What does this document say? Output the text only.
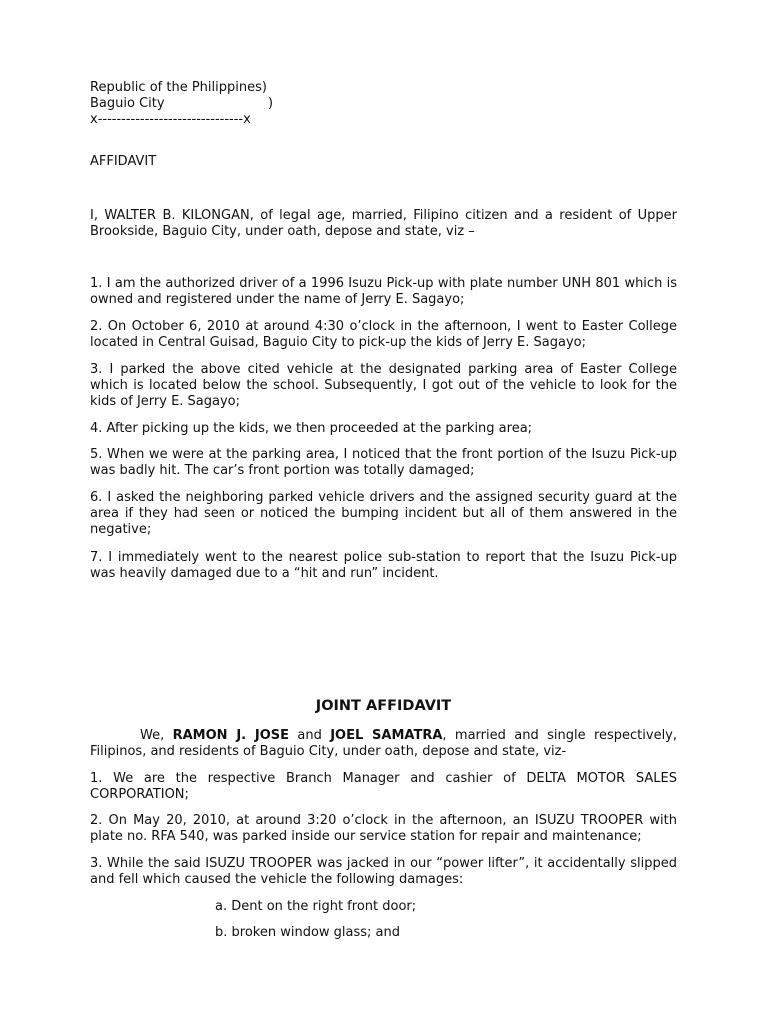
Republic of the Philippines)

Baguio City	)

x-------------------------------x

AFFIDAVIT

I, WALTER B. KILONGAN, of legal age, married, Filipino citizen and a resident of Upper Brookside, Baguio City, under oath, depose and state, viz –

1. I am the authorized driver of a 1996 Isuzu Pick-up with plate number UNH 801 which is owned and registered under the name of Jerry E. Sagayo;

2. On October 6, 2010 at around 4:30 o’clock in the afternoon, I went to Easter College located in Central Guisad, Baguio City to pick-up the kids of Jerry E. Sagayo;

3. I parked the above cited vehicle at the designated parking area of Easter College which is located below the school. Subsequently, I got out of the vehicle to look for the kids of Jerry E. Sagayo;

4. After picking up the kids, we then proceeded at the parking area;

5. When we were at the parking area, I noticed that the front portion of the Isuzu Pick-up was badly hit. The car’s front portion was totally damaged;

6. I asked the neighboring parked vehicle drivers and the assigned security guard at the area if they had seen or noticed the bumping incident but all of them answered in the negative;

7. I immediately went to the nearest police sub-station to report that the Isuzu Pick-up was heavily damaged due to a “hit and run” incident.

JOINT AFFIDAVIT

We, RAMON J. JOSE and JOEL SAMATRA, married and single respectively, Filipinos, and residents of Baguio City, under oath, depose and state, viz-

1. We are the respective Branch Manager and cashier of DELTA MOTOR SALES CORPORATION;

2. On May 20, 2010, at around 3:20 o’clock in the afternoon, an ISUZU TROOPER with plate no. RFA 540, was parked inside our service station for repair and maintenance;

3. While the said ISUZU TROOPER was jacked in our “power lifter”, it accidentally slipped and fell which caused the vehicle the following damages:

a. Dent on the right front door;

b. broken window glass; and
